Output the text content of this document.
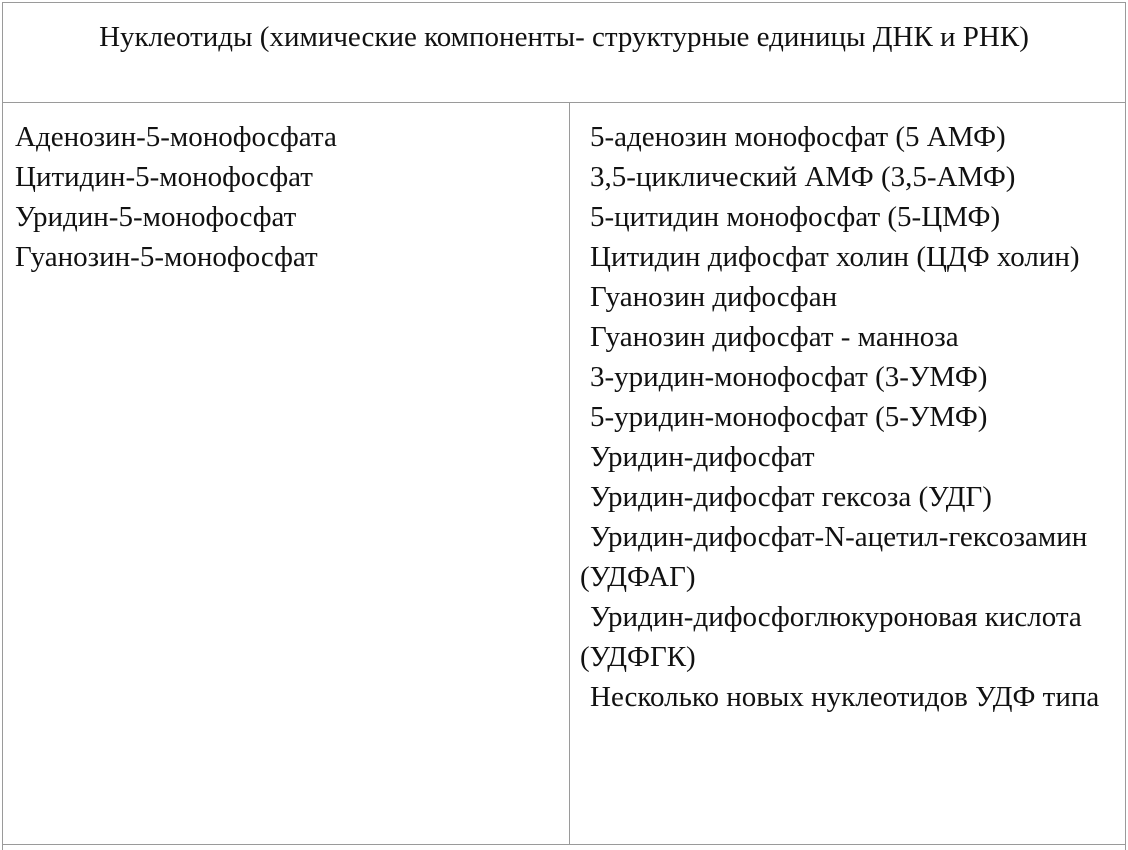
Нуклеотиды (химические компоненты- структурные единицы ДНК и РНК)
Аденозин-5-монофосфата
Цитидин-5-монофосфат
Уридин-5-монофосфат
Гуанозин-5-монофосфат
5-аденозин монофосфат (5 АМФ)
3,5-циклический АМФ (3,5-АМФ)
5-цитидин монофосфат (5-ЦМФ)
Цитидин дифосфат холин (ЦДФ холин)
Гуанозин дифосфан
Гуанозин дифосфат - манноза
3-уридин-монофосфат (3-УМФ)
5-уридин-монофосфат (5-УМФ)
Уридин-дифосфат
Уридин-дифосфат гексоза (УДГ)
Уридин-дифосфат-N-ацетил-гексозамин (УДФАГ)
Уридин-дифосфоглюкуроновая кислота (УДФГК)
Несколько новых нуклеотидов УДФ типа
